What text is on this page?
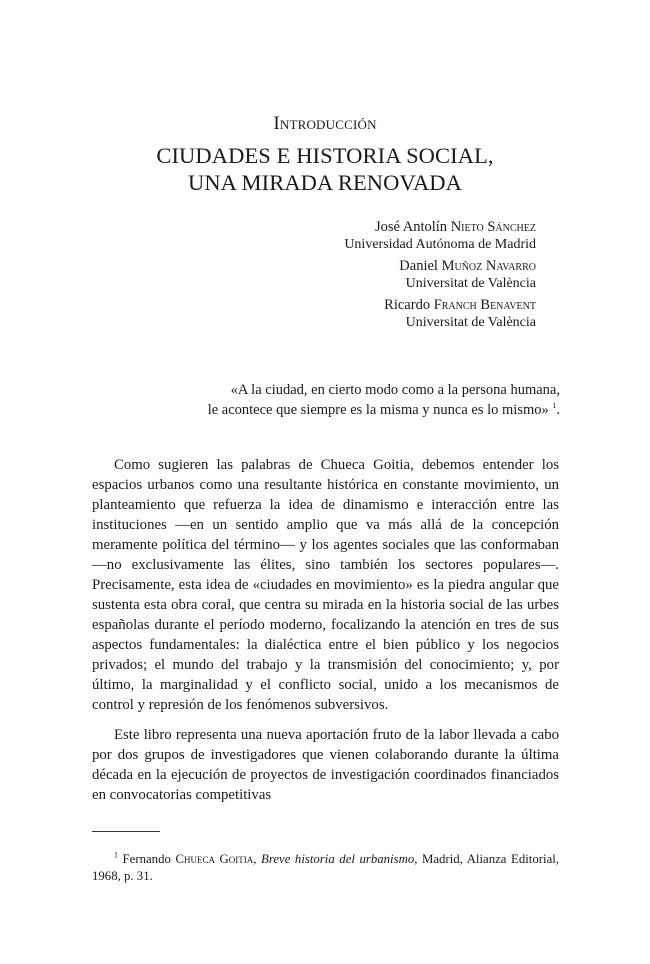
Introducción
CIUDADES E HISTORIA SOCIAL,
UNA MIRADA RENOVADA
José Antolín Nieto Sánchez
Universidad Autónoma de Madrid
Daniel Muñoz Navarro
Universitat de València
Ricardo Franch Benavent
Universitat de València
«A la ciudad, en cierto modo como a la persona humana,
le acontece que siempre es la misma y nunca es lo mismo» $^1$.

Como sugieren las palabras de Chueca Goitia, debemos entender los espacios urbanos como una resultante histórica en constante movimiento, un planteamiento que refuerza la idea de dinamismo e interacción entre las instituciones —en un sentido amplio que va más allá de la concepción meramente política del término— y los agentes sociales que las conformaban —no exclusivamente las élites, sino también los sectores populares—. Precisamente, esta idea de «ciudades en movimiento» es la piedra angular que sustenta esta obra coral, que centra su mirada en la historia social de las urbes españolas durante el período moderno, focalizando la atención en tres de sus aspectos fundamentales: la dialéctica entre el bien público y los negocios privados; el mundo del trabajo y la transmisión del conocimiento; y, por último, la marginalidad y el conflicto social, unido a los mecanismos de control y represión de los fenómenos subversivos.

Este libro representa una nueva aportación fruto de la labor llevada a cabo por dos grupos de investigadores que vienen colaborando durante la última década en la ejecución de proyectos de investigación coordinados financiados en convocatorias competitivas

$^1$ Fernando Chueca Goitia, Breve historia del urbanismo, Madrid, Alianza Editorial, 1968, p. 31.
